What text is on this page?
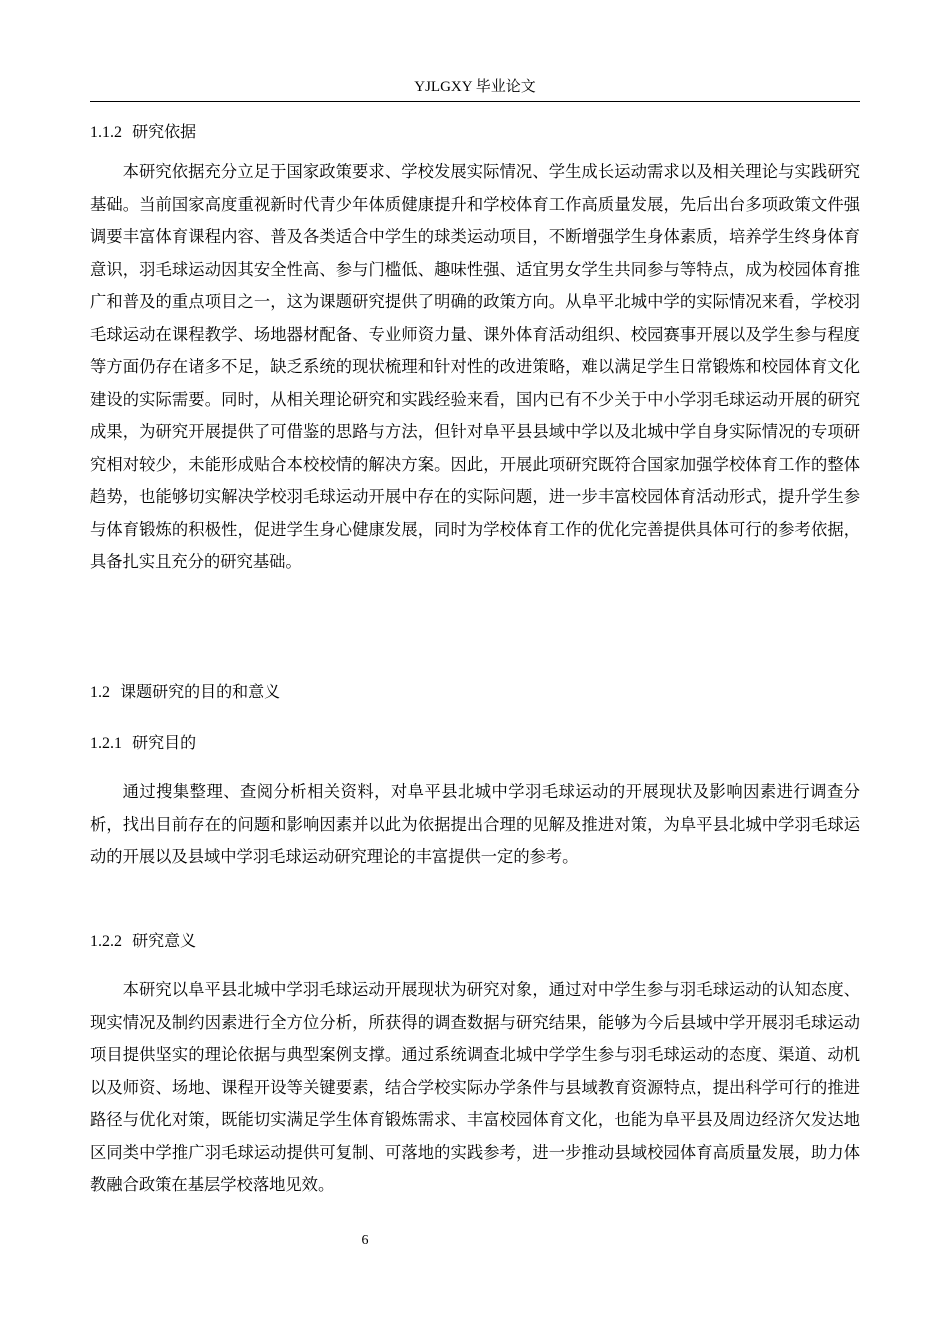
YJLGXY 毕业论文
1.1.2 研究依据

本研究依据充分立足于国家政策要求、学校发展实际情况、学生成长运动需求以及相关理论与实践研究基础。当前国家高度重视新时代青少年体质健康提升和学校体育工作高质量发展，先后出台多项政策文件强调要丰富体育课程内容、普及各类适合中学生的球类运动项目，不断增强学生身体素质，培养学生终身体育意识，羽毛球运动因其安全性高、参与门槛低、趣味性强、适宜男女学生共同参与等特点，成为校园体育推广和普及的重点项目之一，这为课题研究提供了明确的政策方向。从阜平北城中学的实际情况来看，学校羽毛球运动在课程教学、场地器材配备、专业师资力量、课外体育活动组织、校园赛事开展以及学生参与程度等方面仍存在诸多不足，缺乏系统的现状梳理和针对性的改进策略，难以满足学生日常锻炼和校园体育文化建设的实际需要。同时，从相关理论研究和实践经验来看，国内已有不少关于中小学羽毛球运动开展的研究成果，为研究开展提供了可借鉴的思路与方法，但针对阜平县县域中学以及北城中学自身实际情况的专项研究相对较少，未能形成贴合本校校情的解决方案。因此，开展此项研究既符合国家加强学校体育工作的整体趋势，也能够切实解决学校羽毛球运动开展中存在的实际问题，进一步丰富校园体育活动形式，提升学生参与体育锻炼的积极性，促进学生身心健康发展，同时为学校体育工作的优化完善提供具体可行的参考依据，具备扎实且充分的研究基础。

1.2 课题研究的目的和意义
1.2.1 研究目的

通过搜集整理、查阅分析相关资料，对阜平县北城中学羽毛球运动的开展现状及影响因素进行调查分析，找出目前存在的问题和影响因素并以此为依据提出合理的见解及推进对策，为阜平县北城中学羽毛球运动的开展以及县域中学羽毛球运动研究理论的丰富提供一定的参考。

1.2.2 研究意义

本研究以阜平县北城中学羽毛球运动开展现状为研究对象，通过对中学生参与羽毛球运动的认知态度、现实情况及制约因素进行全方位分析，所获得的调查数据与研究结果，能够为今后县域中学开展羽毛球运动项目提供坚实的理论依据与典型案例支撑。通过系统调查北城中学学生参与羽毛球运动的态度、渠道、动机以及师资、场地、课程开设等关键要素，结合学校实际办学条件与县域教育资源特点，提出科学可行的推进路径与优化对策，既能切实满足学生体育锻炼需求、丰富校园体育文化，也能为阜平县及周边经济欠发达地区同类中学推广羽毛球运动提供可复制、可落地的实践参考，进一步推动县域校园体育高质量发展，助力体教融合政策在基层学校落地见效。

6
